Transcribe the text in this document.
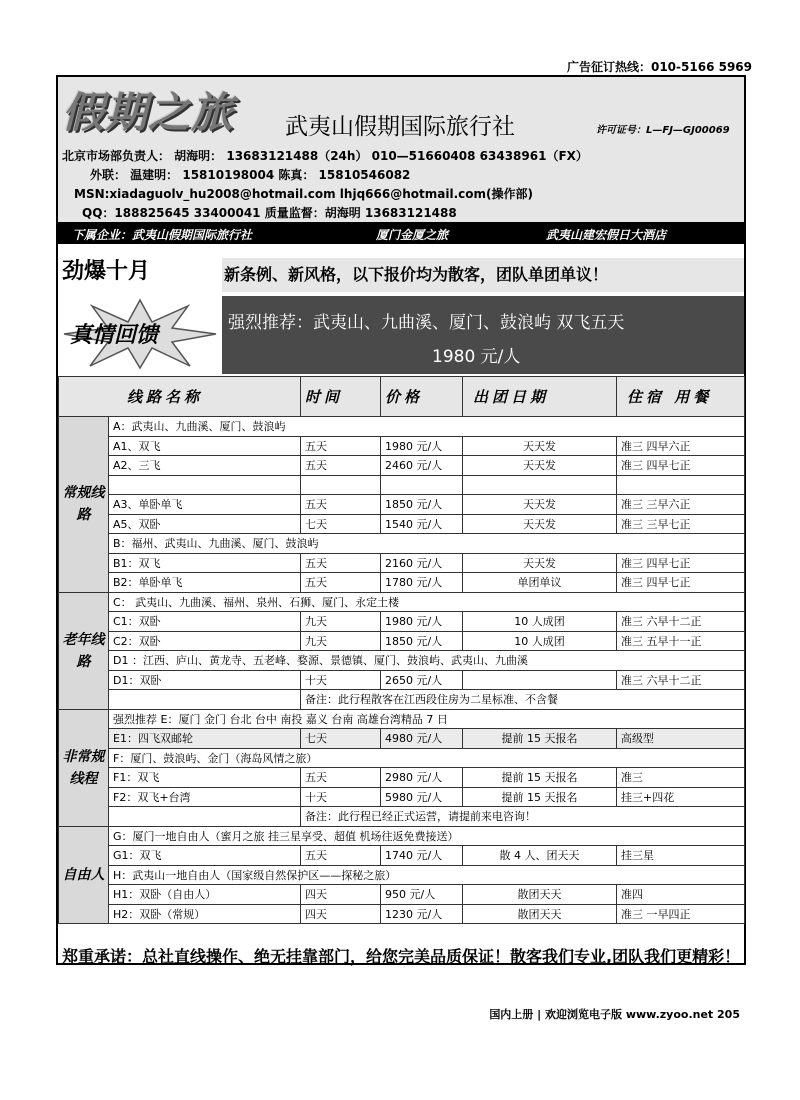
广告征订热线：010-5166 5969
假期之旅 武夷山假期国际旅行社	许可证号：L—FJ—GJ00069
北京市场部负责人： 胡海明： 13683121488（24h） 010—51660408 63438961（FX）
外联： 温建明： 15810198004 陈真： 15810546082
MSN:xiadaguolv_hu2008@hotmail.com lhjq666@hotmail.com(操作部)
QQ：188825645 33400041 质量监督：胡海明 13683121488
下属企业：武夷山假期国际旅行社	厦门金厦之旅	武夷山建宏假日大酒店
劲爆十月	新条例、新风格，以下报价均为散客，团队单团单议！
真情回馈	强烈推荐：武夷山、九曲溪、厦门、鼓浪屿 双飞五天
1980 元/人
线路名称		时间	价格	出团日期	住宿 用餐
常规线路	A：武夷山、九曲溪、厦门、鼓浪屿				
	A1、双飞	五天	1980 元/人	天天发	准三 四早六正
	A2、三飞	五天	2460 元/人	天天发	准三 四早七正

	A3、单卧单飞	五天	1850 元/人	天天发	准三 三早六正
	A5、双卧	七天	1540 元/人	天天发	准三 三早七正
	B：福州、武夷山、九曲溪、厦门、鼓浪屿				
	B1：双飞	五天	2160 元/人	天天发	准三 四早七正
	B2：单卧单飞	五天	1780 元/人	单团单议	准三 四早七正
老年线路	C： 武夷山、九曲溪、福州、泉州、石狮、厦门、永定土楼				
	C1：双卧	九天	1980 元/人	10 人成团	准三 六早十二正
	C2：双卧	九天	1850 元/人	10 人成团	准三 五早十一正
	D1 ：江西、庐山、黄龙寺、五老峰、婺源、景德镇、厦门、鼓浪屿、武夷山、九曲溪				
	D1：双卧	十天	2650 元/人		准三 六早十二正
		备注：此行程散客在江西段住房为二星标准、不含餐			
非常规线程	强烈推荐 E：厦门 金门 台北 台中 南投 嘉义 台南 高雄台湾精品 7 日				
	E1：四飞双邮轮	七天	4980 元/人	提前 15 天报名	高级型
	F：厦门、鼓浪屿、金门（海岛风情之旅）				
	F1：双飞	五天	2980 元/人	提前 15 天报名	准三
	F2：双飞+台湾	十天	5980 元/人	提前 15 天报名	挂三+四花
		备注：此行程已经正式运营，请提前来电咨询！			
自由人	G：厦门一地自由人（蜜月之旅 挂三星享受、超值 机场往返免费接送）				
	G1：双飞	五天	1740 元/人	散 4 人、团天天	挂三星
	H：武夷山一地自由人（国家级自然保护区——探秘之旅）				
	H1：双卧（自由人）	四天	950 元/人	散团天天	准四
	H2：双卧（常规）	四天	1230 元/人	散团天天	准三 一早四正
郑重承诺：总社直线操作、绝无挂靠部门，给您完美品质保证！散客我们专业,团队我们更精彩！
国内上册 | 欢迎浏览电子版 www.zyoo.net 205
